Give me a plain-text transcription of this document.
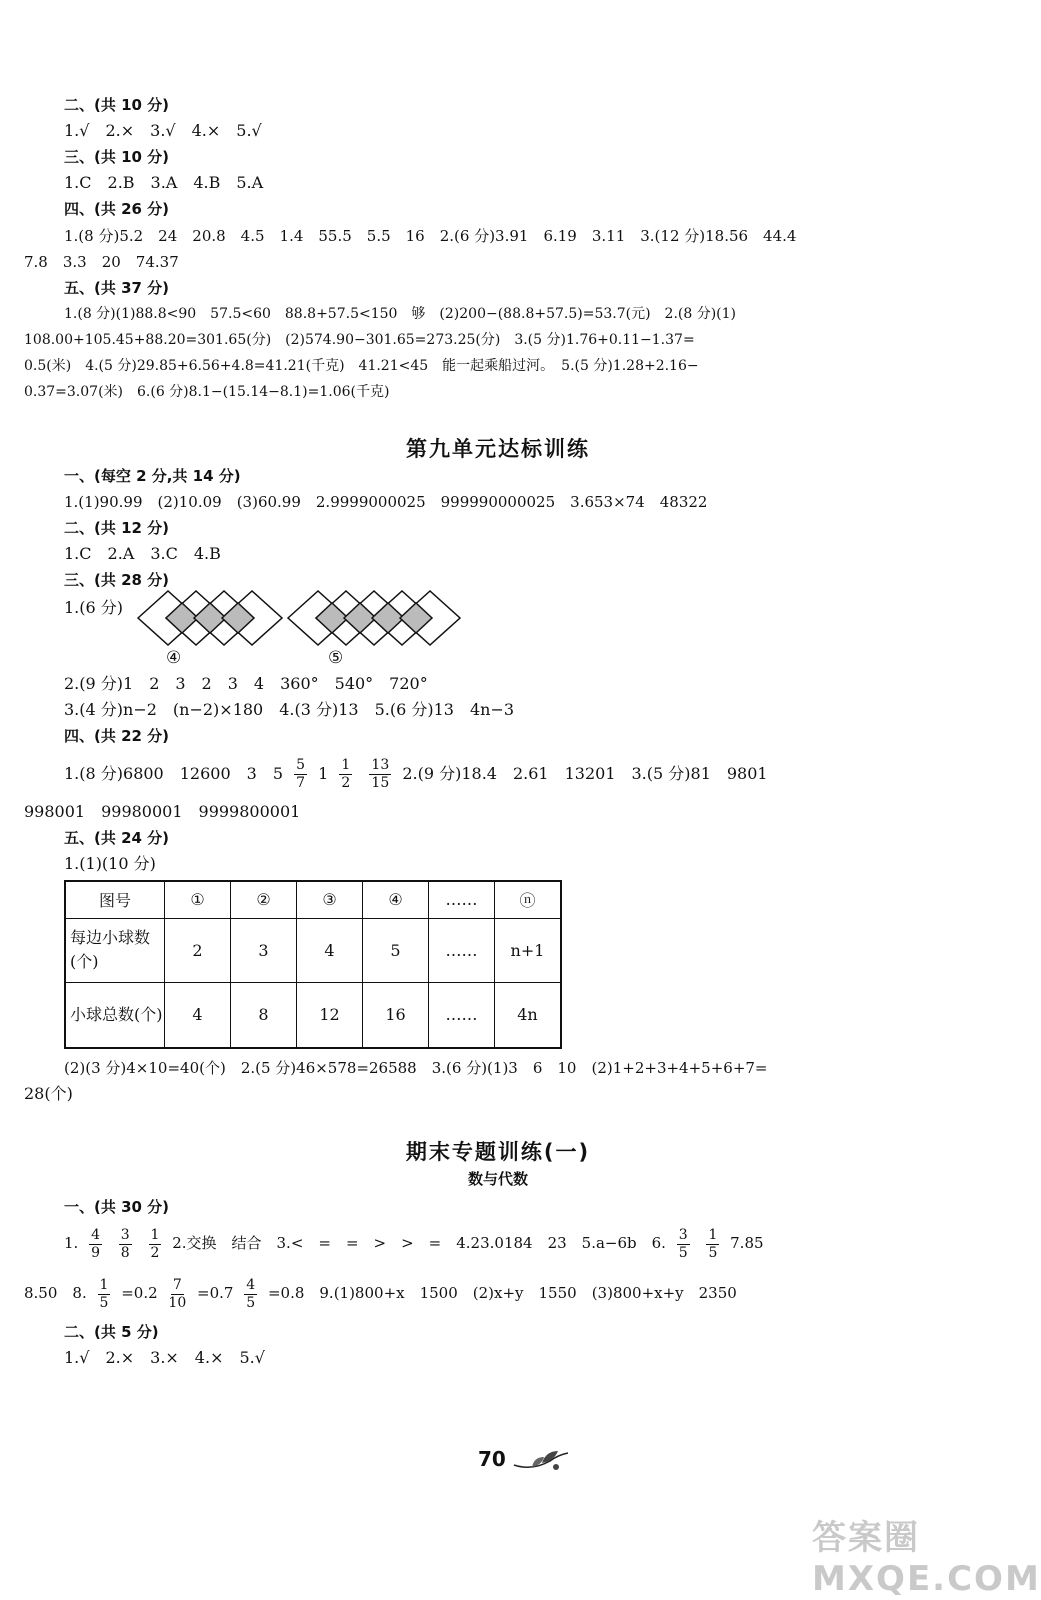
二、(共 10 分)
1.√　2.×　3.√　4.×　5.√
三、(共 10 分)
1.C　2.B　3.A　4.B　5.A
四、(共 26 分)
1.(8 分)5.2　24　20.8　4.5　1.4　55.5　5.5　16　2.(6 分)3.91　6.19　3.11　3.(12 分)18.56　44.4
7.8　3.3　20　74.37
五、(共 37 分)
1.(8 分)(1)88.8<90　57.5<60　88.8+57.5<150　够　(2)200−(88.8+57.5)=53.7(元)　2.(8 分)(1)
108.00+105.45+88.20=301.65(分)　(2)574.90−301.65=273.25(分)　3.(5 分)1.76+0.11−1.37=
0.5(米)　4.(5 分)29.85+6.56+4.8=41.21(千克)　41.21<45　能一起乘船过河。　5.(5 分)1.28+2.16−
0.37=3.07(米)　6.(6 分)8.1−(15.14−8.1)=1.06(千克)
第九单元达标训练
一、(每空 2 分,共 14 分)
1.(1)90.99　(2)10.09　(3)60.99　2.9999000025　999990000025　3.653×74　48322
二、(共 12 分)
1.C　2.A　3.C　4.B
三、(共 28 分)
1.(6 分)
④	⑤
2.(9 分)1　2　3　2　3　4　360°　540°　720°
3.(4 分)n−2　(n−2)×180　4.(3 分)13　5.(6 分)13　4n−3
四、(共 22 分)
1.(8 分)6800　12600　3　$5 \frac{5}{7} 1 \frac{1}{2}$
$\frac{13}{15} 2.(9$ 分)18.4　2.61　13201　3.(5 分)81　9801
998001　99980001　9999800001
五、(共 24 分)
1.(1)(10 分)
图号	①	②	③	④	……	ⓝ
每边小球数(个)	2	3	4	5	……	n+1
小球总数(个)	4	8	12	16	……	4n
(2)(3 分)4×10=40(个)　2.(5 分)46×578=26588　3.(6 分)(1)3　6　10　(2)1+2+3+4+5+6+7=
28(个)
期末专题训练(一)
数与代数
一、(共 30 分)
1. $\frac{4}{9}$
$\frac{3}{8}$
$\frac{1}{2} 2$.交换　结合　3.<　=　=　>　>　=　4.23.0184　23　5.a−6b　6. $\frac{3}{5}$
$\frac{1}{5} 7.85$
8.50　8. $\frac{1}{5} =0.2 \frac{7}{10} =0.7 \frac{4}{5} =0.8$　9.(1)800+x　1500　(2)x+y　1550　(3)800+x+y　2350
二、(共 5 分)
1.√　2.×　3.×　4.×　5.√
70
答案圈 MXQE.COM
